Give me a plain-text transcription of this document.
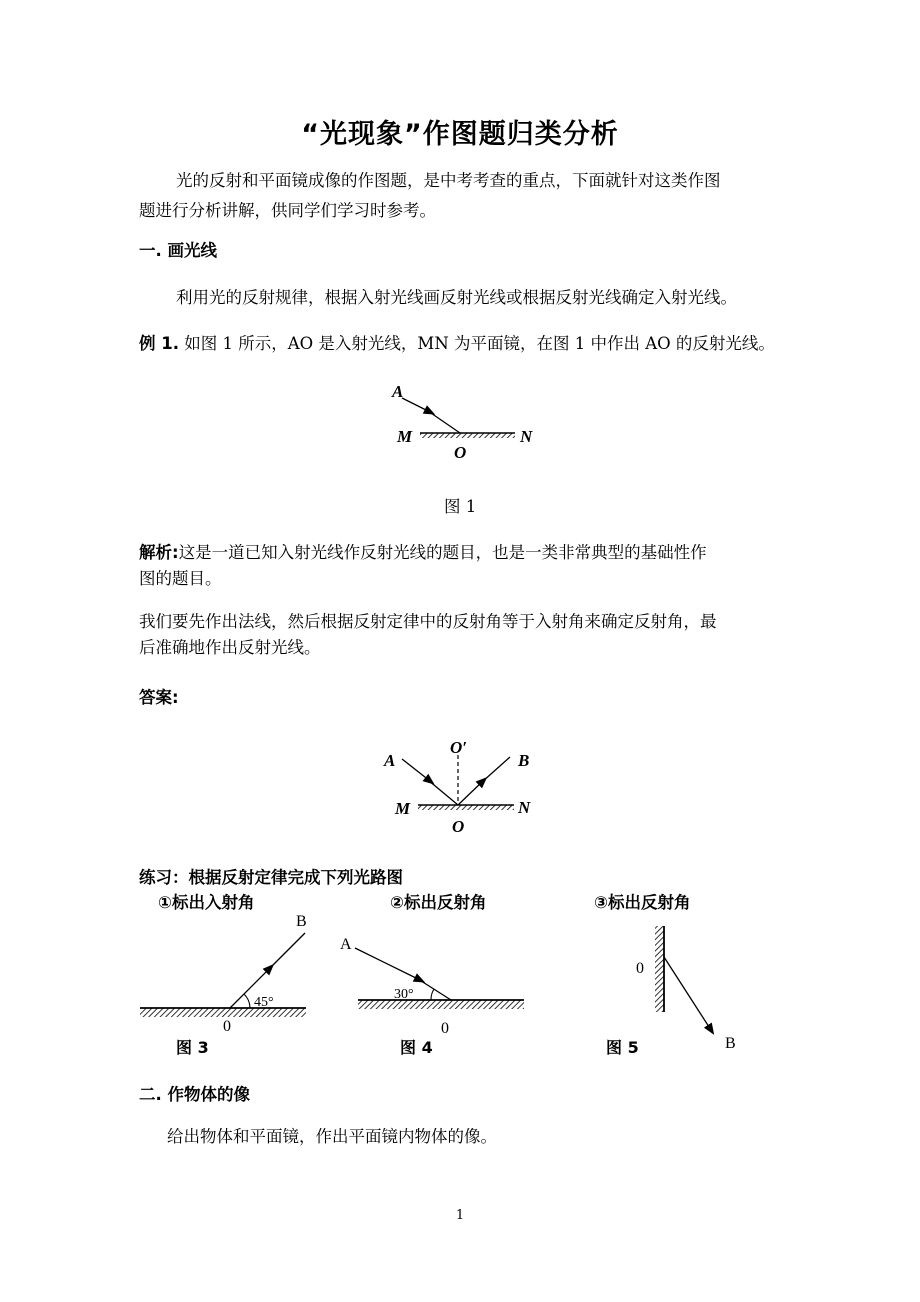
“光现象”作图题归类分析
光的反射和平面镜成像的作图题，是中考考查的重点，下面就针对这类作图
题进行分析讲解，供同学们学习时参考。
一. 画光线
利用光的反射规律，根据入射光线画反射光线或根据反射光线确定入射光线。
例 1. 如图 1 所示，AO 是入射光线，MN 为平面镜，在图 1 中作出 AO 的反射光线。
A
M	N
O
图 1
解析:这是一道已知入射光线作反射光线的题目，也是一类非常典型的基础性作
图的题目。
我们要先作出法线，然后根据反射定律中的反射角等于入射角来确定反射角，最
后准确地作出反射光线。
答案:
A
O′
B
M	N
O
练习：根据反射定律完成下列光路图
①标出入射角	②标出反射角	③标出反射角
B
45°
0
图 3
A
30°
0
图 4
0
B
图 5
二. 作物体的像
给出物体和平面镜，作出平面镜内物体的像。
1
